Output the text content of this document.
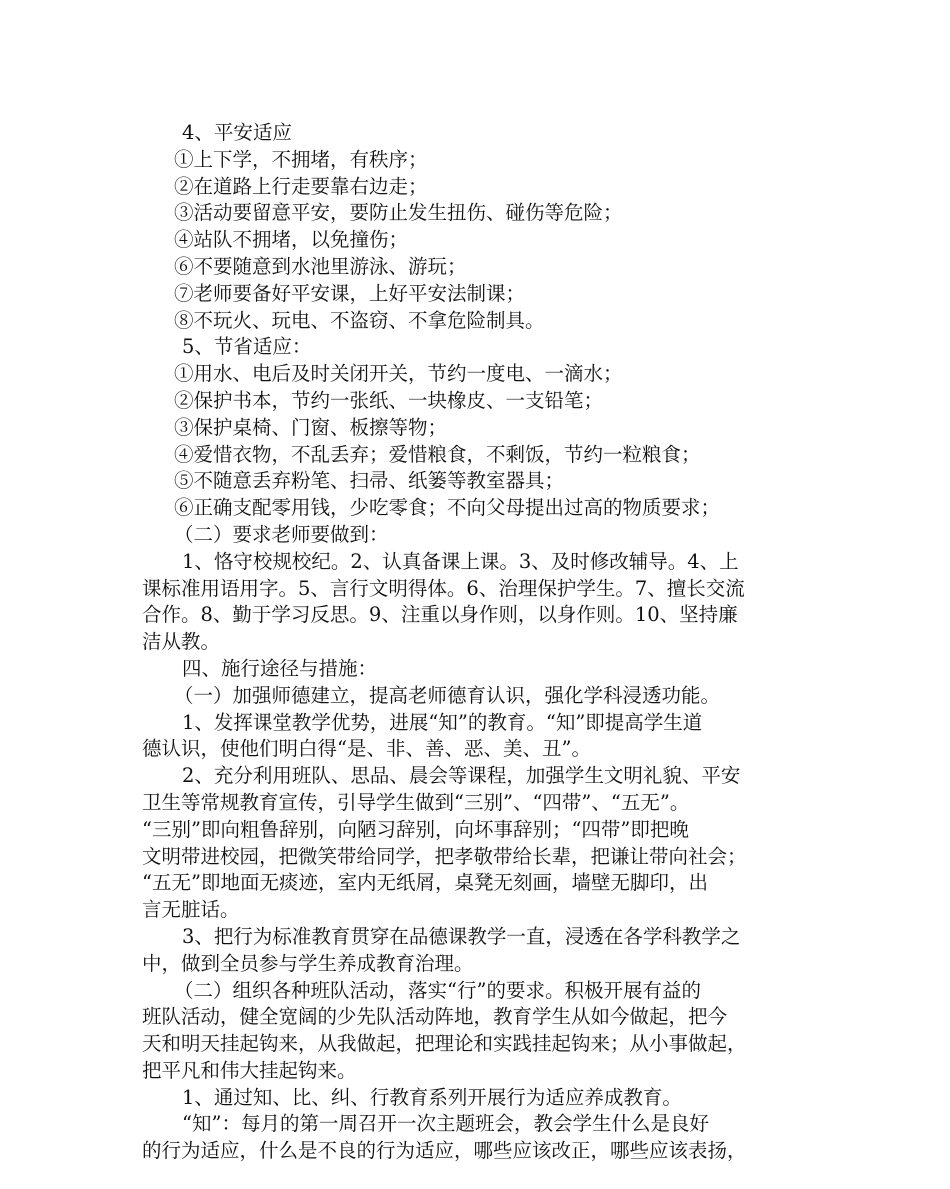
4、平安适应
①上下学，不拥堵，有秩序；
②在道路上行走要靠右边走；
③活动要留意平安，要防止发生扭伤、碰伤等危险；
④站队不拥堵，以免撞伤；
⑥不要随意到水池里游泳、游玩；
⑦老师要备好平安课，上好平安法制课；
⑧不玩火、玩电、不盗窃、不拿危险制具。
5、节省适应：
①用水、电后及时关闭开关，节约一度电、一滴水；
②保护书本，节约一张纸、一块橡皮、一支铅笔；
③保护桌椅、门窗、板擦等物；
④爱惜衣物，不乱丢弃；爱惜粮食，不剩饭，节约一粒粮食；
⑤不随意丢弃粉笔、扫帚、纸篓等教室器具；
⑥正确支配零用钱，少吃零食；不向父母提出过高的物质要求；
（二）要求老师要做到：
1、恪守校规校纪。2、认真备课上课。3、及时修改辅导。4、上
课标准用语用字。5、言行文明得体。6、治理保护学生。7、擅长交流
合作。8、勤于学习反思。9、注重以身作则，以身作则。10、坚持廉
洁从教。
四、施行途径与措施：
（一）加强师德建立，提高老师德育认识，强化学科浸透功能。
1、发挥课堂教学优势，进展“知”的教育。“知”即提高学生道
德认识，使他们明白得“是、非、善、恶、美、丑”。
2、充分利用班队、思品、晨会等课程，加强学生文明礼貌、平安
卫生等常规教育宣传，引导学生做到“三别”、“四带”、“五无”。
“三别”即向粗鲁辞别，向陋习辞别，向坏事辞别；“四带”即把晚
文明带进校园，把微笑带给同学，把孝敬带给长辈，把谦让带向社会；
“五无”即地面无痰迹，室内无纸屑，桌凳无刻画，墙壁无脚印，出
言无脏话。
3、把行为标准教育贯穿在品德课教学一直，浸透在各学科教学之
中，做到全员参与学生养成教育治理。
（二）组织各种班队活动，落实“行”的要求。积极开展有益的
班队活动，健全宽阔的少先队活动阵地，教育学生从如今做起，把今
天和明天挂起钩来，从我做起，把理论和实践挂起钩来；从小事做起，
把平凡和伟大挂起钩来。
1、通过知、比、纠、行教育系列开展行为适应养成教育。
“知”：每月的第一周召开一次主题班会，教会学生什么是良好
的行为适应，什么是不良的行为适应，哪些应该改正，哪些应该表扬，
